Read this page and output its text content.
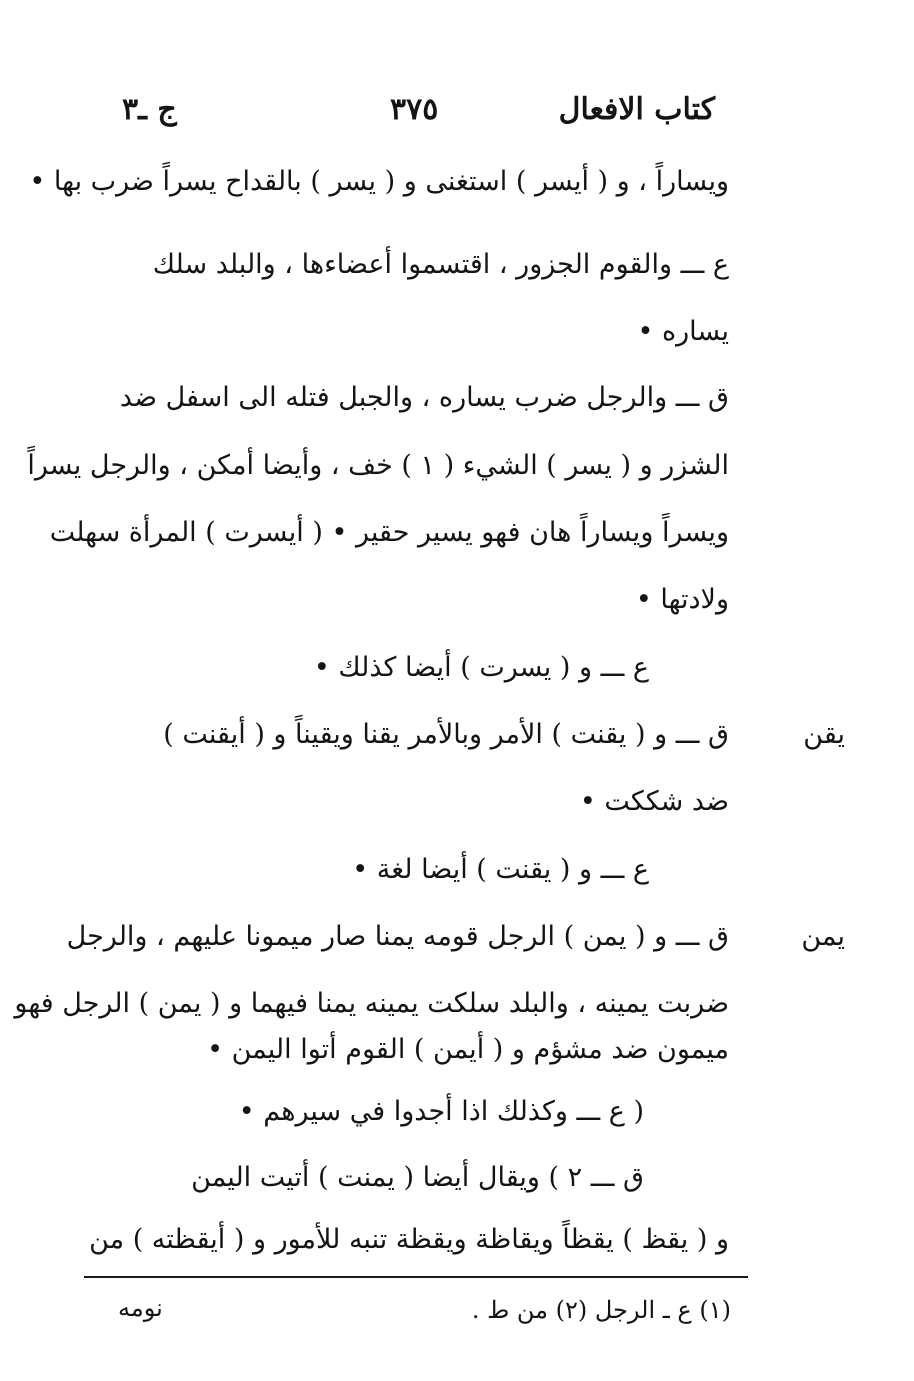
كتاب الافعال
٣٧٥
ج ـ٣
ويساراً ، و ( أيسر ) استغنى و ( يسر ) بالقداح يسراً ضرب بها •
ع ـــ والقوم الجزور ، اقتسموا أعضاءها ، والبلد سلك
يساره •
ق ـــ والرجل ضرب يساره ، والجبل فتله الى اسفل ضد
الشزر و ( يسر ) الشيء ( ١ ) خف ، وأيضا أمكن ، والرجل يسراً
ويسراً ويساراً هان فهو يسير حقير • ( أيسرت ) المرأة سهلت
ولادتها •
ع ـــ و ( يسرت ) أيضا كذلك •
يقن
ق ـــ و ( يقنت ) الأمر وبالأمر يقنا ويقيناً و ( أيقنت )
ضد شككت •
ع ـــ و ( يقنت ) أيضا لغة •
يمن
ق ـــ و ( يمن ) الرجل قومه يمنا صار ميمونا عليهم ، والرجل
ضربت يمينه ، والبلد سلكت يمينه يمنا فيهما و ( يمن ) الرجل فهو
ميمون ضد مشؤم و ( أيمن ) القوم أتوا اليمن •
( ع ـــ وكذلك اذا أجدوا في سيرهم •
ق ـــ ٢ ) ويقال أيضا ( يمنت ) أتيت اليمن
و ( يقظ ) يقظاً ويقاظة ويقظة تنبه للأمور و ( أيقظته ) من
(١) ع ـ الرجل (٢) من ط .
نومه
